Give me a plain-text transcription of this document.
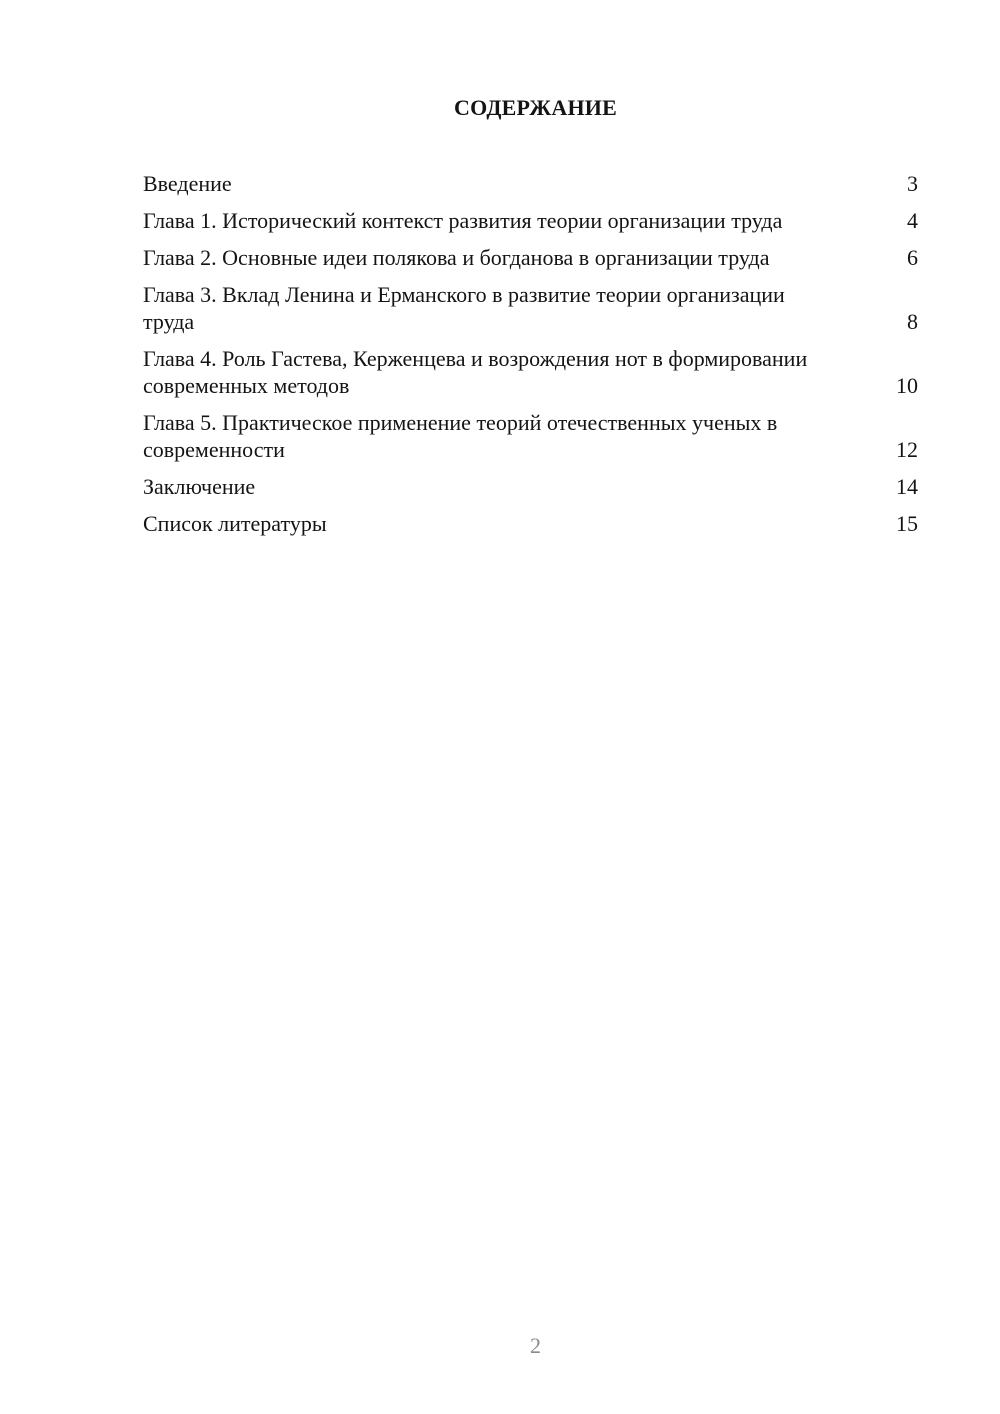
СОДЕРЖАНИЕ
Введение	3
Глава 1. Исторический контекст развития теории организации труда	4
Глава 2. Основные идеи полякова и богданова в организации труда	6
Глава 3. Вклад Ленина и Ерманского в развитие теории организации труда	8
Глава 4. Роль Гастева, Керженцева и возрождения нот в формировании современных методов	10
Глава 5. Практическое применение теорий отечественных ученых в современности	12
Заключение	14
Список литературы	15
2
